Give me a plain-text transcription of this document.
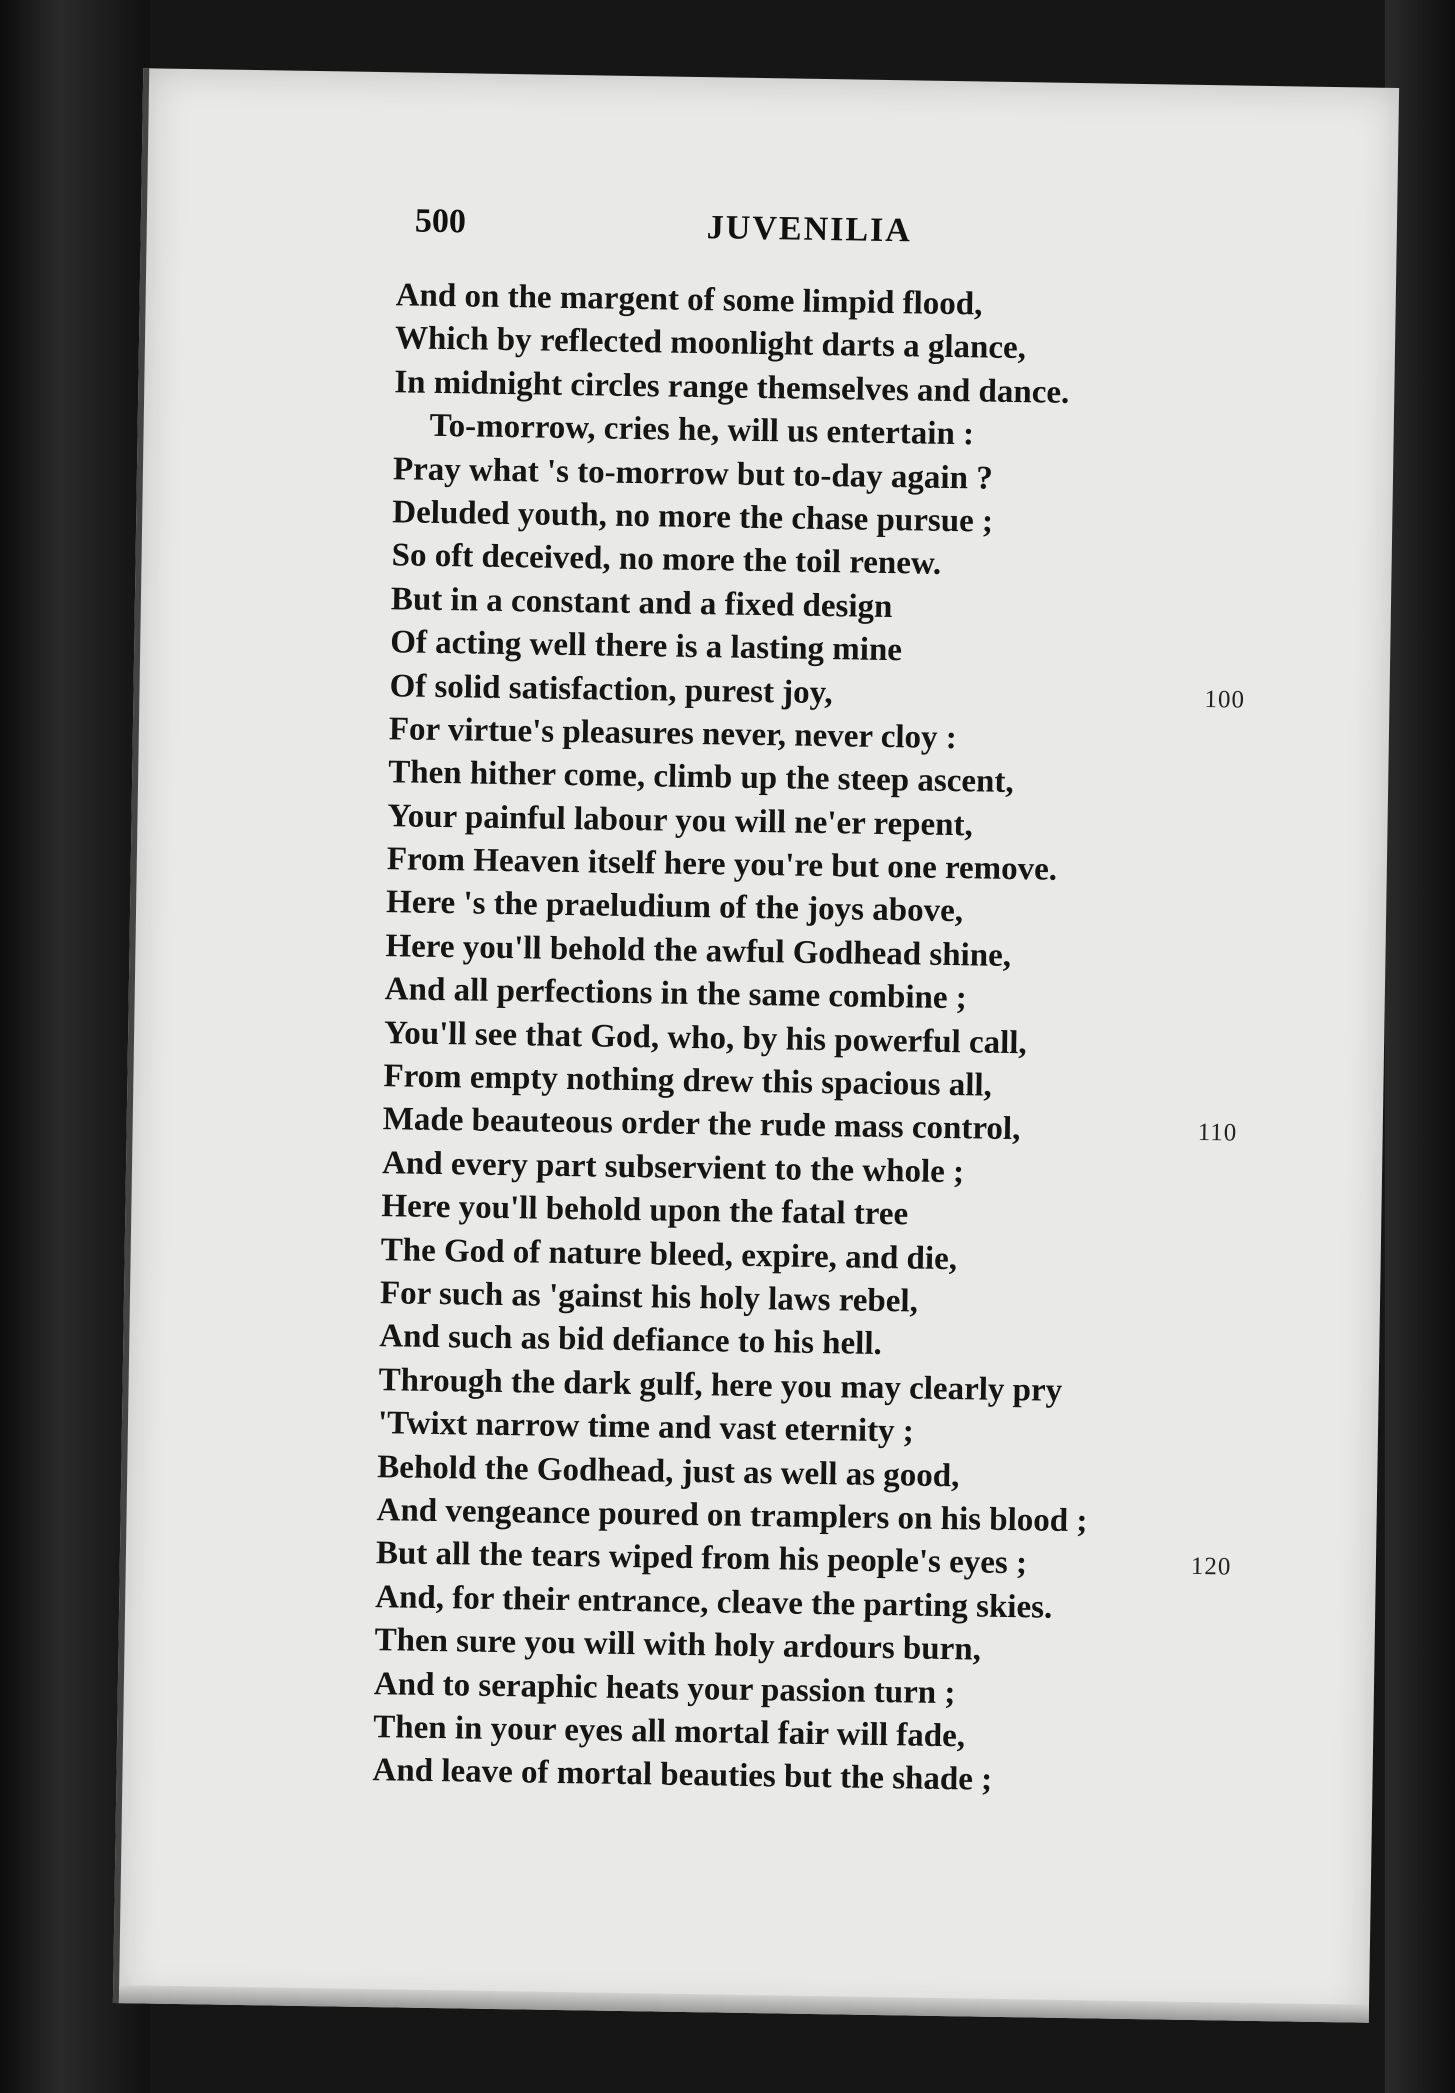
500	JUVENILIA
And on the margent of some limpid flood,
Which by reflected moonlight darts a glance,
In midnight circles range themselves and dance.
To-morrow, cries he, will us entertain :
Pray what 's to-morrow but to-day again ?
Deluded youth, no more the chase pursue ;
So oft deceived, no more the toil renew.
But in a constant and a fixed design
Of acting well there is a lasting mine
Of solid satisfaction, purest joy,	100
For virtue's pleasures never, never cloy :
Then hither come, climb up the steep ascent,
Your painful labour you will ne'er repent,
From Heaven itself here you're but one remove.
Here 's the praeludium of the joys above,
Here you'll behold the awful Godhead shine,
And all perfections in the same combine ;
You'll see that God, who, by his powerful call,
From empty nothing drew this spacious all,
Made beauteous order the rude mass control,	110
And every part subservient to the whole ;
Here you'll behold upon the fatal tree
The God of nature bleed, expire, and die,
For such as 'gainst his holy laws rebel,
And such as bid defiance to his hell.
Through the dark gulf, here you may clearly pry
'Twixt narrow time and vast eternity ;
Behold the Godhead, just as well as good,
And vengeance poured on tramplers on his blood ;
But all the tears wiped from his people's eyes ;	120
And, for their entrance, cleave the parting skies.
Then sure you will with holy ardours burn,
And to seraphic heats your passion turn ;
Then in your eyes all mortal fair will fade,
And leave of mortal beauties but the shade ;
